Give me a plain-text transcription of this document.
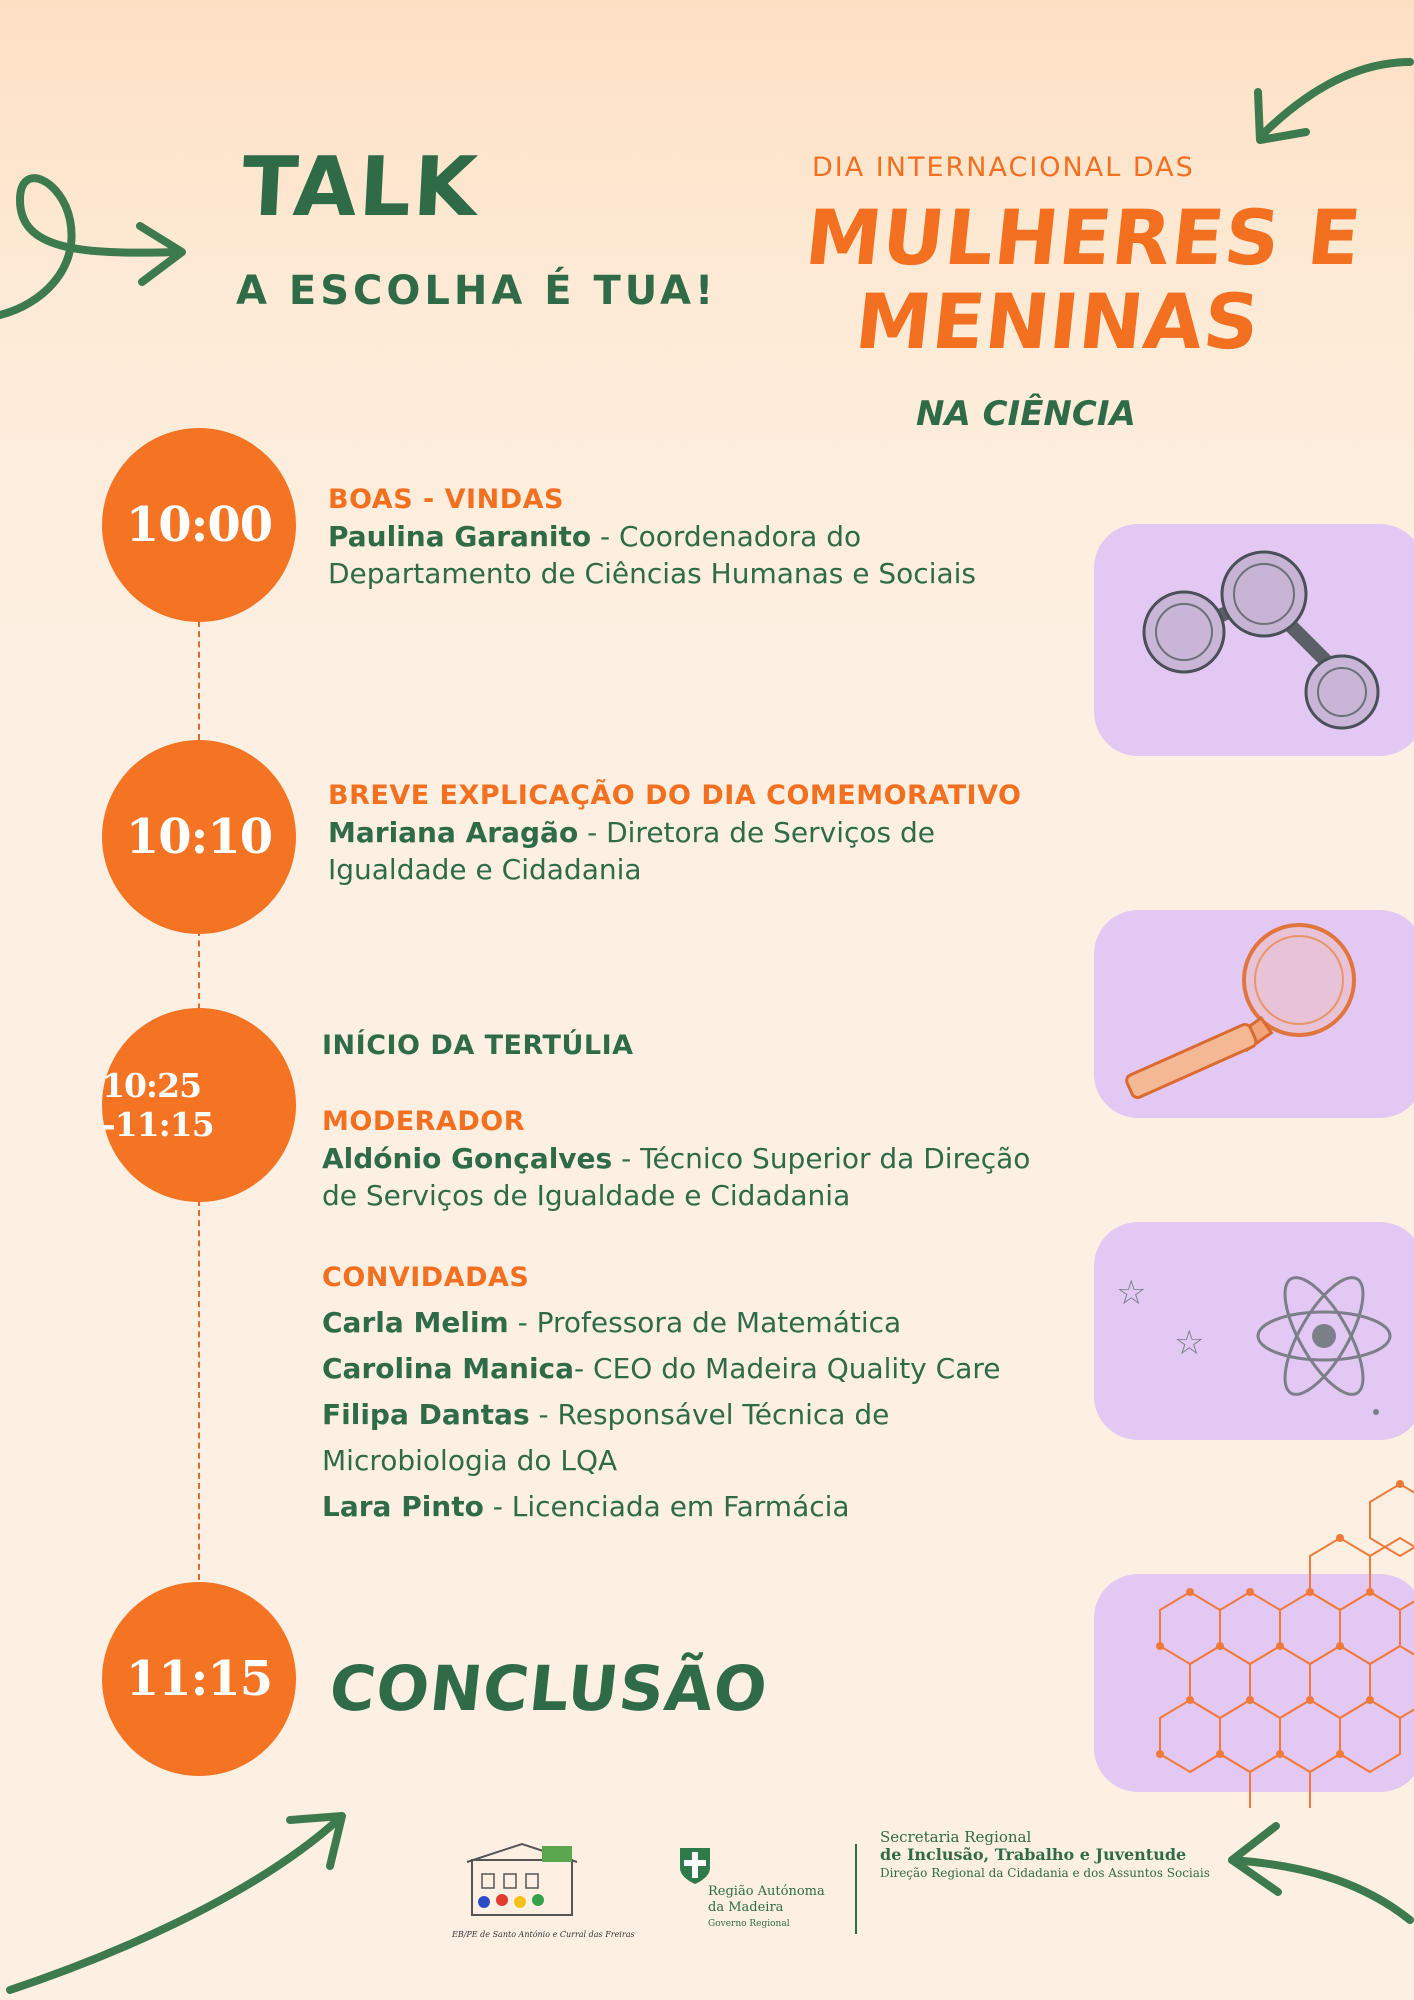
TALK
A ESCOLHA É TUA!
DIA INTERNACIONAL DAS
MULHERES E
MENINAS
NA CIÊNCIA
10:00	BOAS - VINDAS
Paulina Garanito - Coordenadora do
Departamento de Ciências Humanas e Sociais
10:10
BREVE EXPLICAÇÃO DO DIA COMEMORATIVO
Mariana Aragão - Diretora de Serviços de
Igualdade e Cidadania
10:25 -11:15
INÍCIO DA TERTÚLIA
MODERADOR
Aldónio Gonçalves - Técnico Superior da Direção
de Serviços de Igualdade e Cidadania
CONVIDADAS
Carla Melim - Professora de Matemática
Carolina Manica- CEO do Madeira Quality Care
Filipa Dantas - Responsável Técnica de
Microbiologia do LQA
Lara Pinto - Licenciada em Farmácia
11:15 CONCLUSÃO
☆
☆
EB/PE de Santo António e Curral das Freiras
Região Autónoma
da Madeira
Governo Regional
Secretaria Regional
de Inclusão, Trabalho e Juventude
Direção Regional da Cidadania e dos Assuntos Sociais
